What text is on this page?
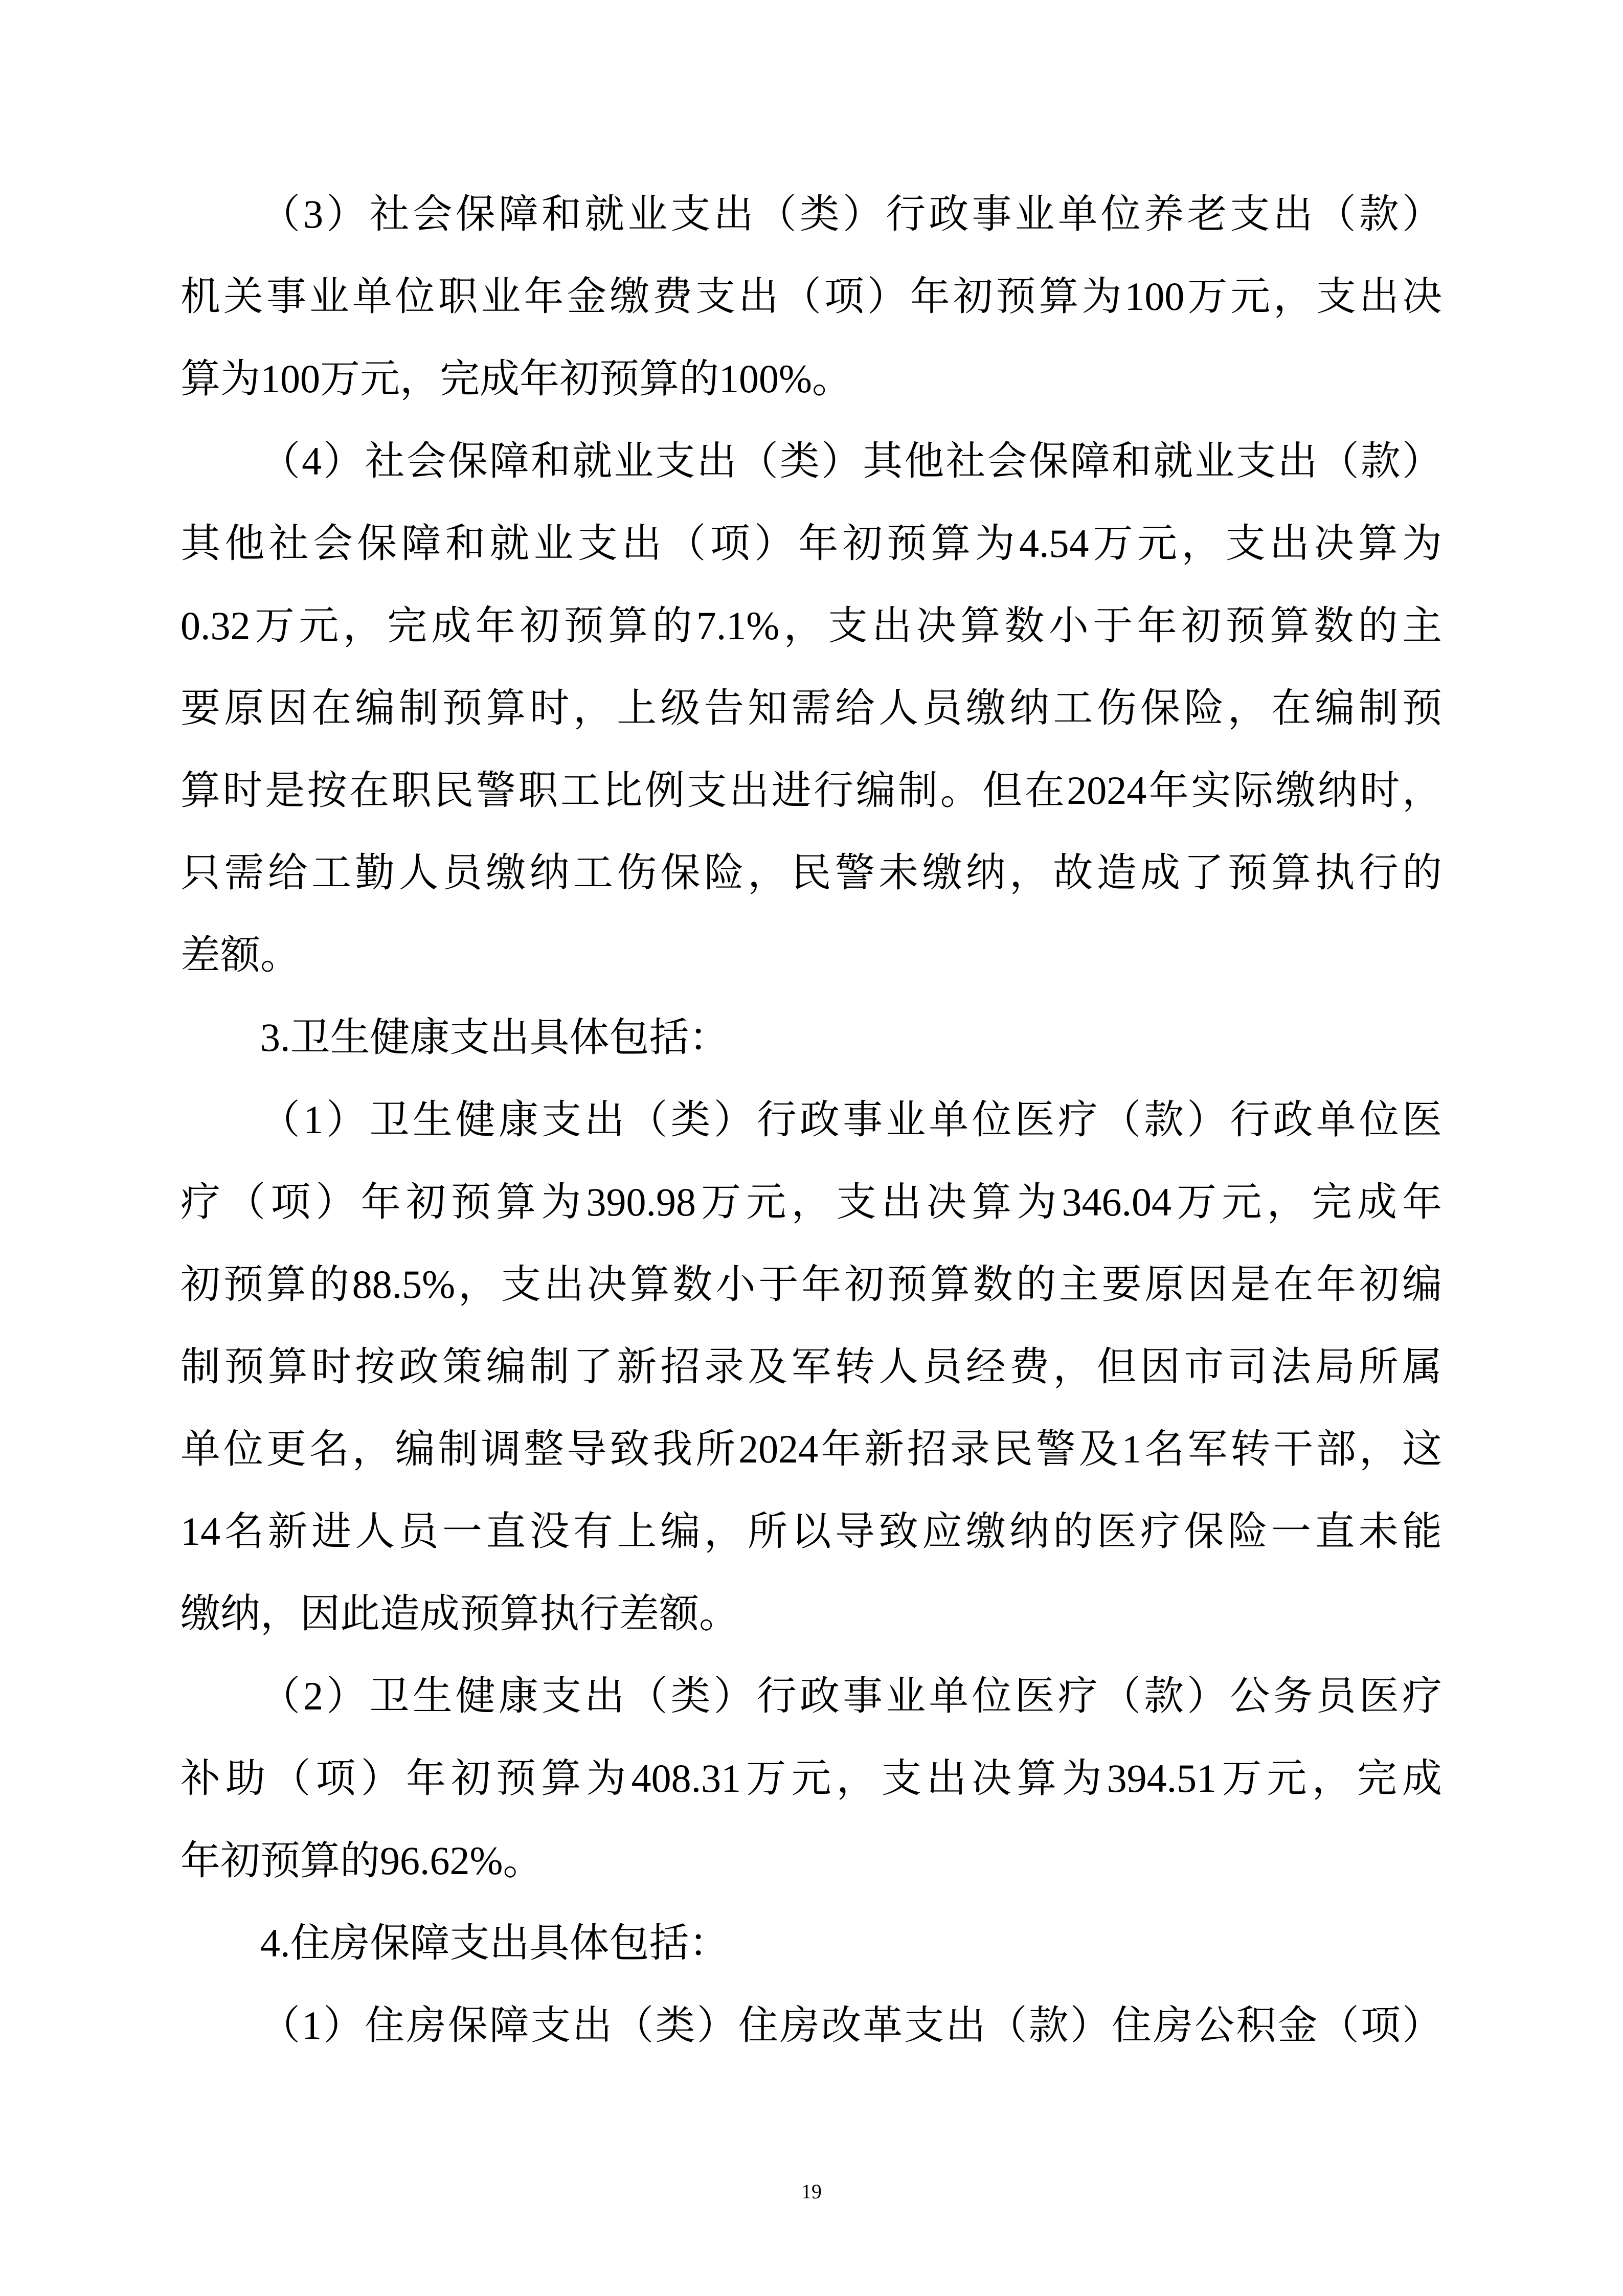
（3）社会保障和就业支出（类）行政事业单位养老支出（款）
机关事业单位职业年金缴费支出（项）年初预算为100万元，支出决
算为100万元，完成年初预算的100%。
（4）社会保障和就业支出（类）其他社会保障和就业支出（款）
其他社会保障和就业支出（项）年初预算为4.54万元，支出决算为
0.32万元，完成年初预算的7.1%，支出决算数小于年初预算数的主
要原因在编制预算时，上级告知需给人员缴纳工伤保险，在编制预
算时是按在职民警职工比例支出进行编制。但在2024年实际缴纳时，
只需给工勤人员缴纳工伤保险，民警未缴纳，故造成了预算执行的
差额。
3.卫生健康支出具体包括：
（1）卫生健康支出（类）行政事业单位医疗（款）行政单位医
疗（项）年初预算为390.98万元，支出决算为346.04万元，完成年
初预算的88.5%，支出决算数小于年初预算数的主要原因是在年初编
制预算时按政策编制了新招录及军转人员经费，但因市司法局所属
单位更名，编制调整导致我所2024年新招录民警及1名军转干部，这
14名新进人员一直没有上编，所以导致应缴纳的医疗保险一直未能
缴纳，因此造成预算执行差额。
（2）卫生健康支出（类）行政事业单位医疗（款）公务员医疗
补助（项）年初预算为408.31万元，支出决算为394.51万元，完成
年初预算的96.62%。
4.住房保障支出具体包括：
（1）住房保障支出（类）住房改革支出（款）住房公积金（项）
19
